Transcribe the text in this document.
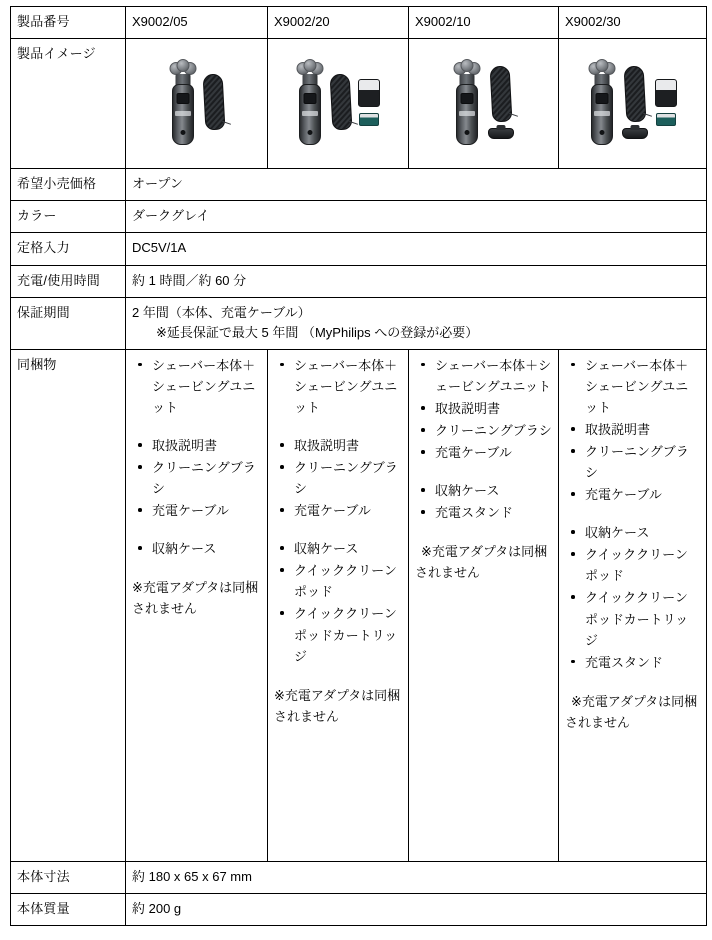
製品番号	X9002/05	X9002/20	X9002/10	X9002/30
製品イメージ	

希望小売価格	オープン			
カラー	ダークグレイ			
定格入力	DC5V/1A			
充電/使用時間	約 1 時間／約 60 分			
保証期間	2 年間（本体、充電ケーブル）
※延長保証で最大 5 年間 （MyPhilips への登録が必要）			

同梱物	シェーバー本体＋シェービングユニット
取扱説明書
クリーニングブラシ
充電ケーブル
収納ケース
※充電アダプタは同梱されません

シェーバー本体＋シェービングユニット
取扱説明書
クリーニングブラシ
充電ケーブル
収納ケース
クイッククリーンポッド
クイッククリーンポッドカートリッジ
※充電アダプタは同梱されません

シェーバー本体＋シェービングユニット
取扱説明書
クリーニングブラシ
充電ケーブル
収納ケース
充電スタンド
※充電アダプタは同梱されません

シェーバー本体＋シェービングユニット
取扱説明書
クリーニングブラシ
充電ケーブル
収納ケース
クイッククリーンポッド
クイッククリーンポッドカートリッジ
充電スタンド
※充電アダプタは同梱されません

本体寸法	約 180 x 65 x 67 mm			
本体質量	約 200 g			
